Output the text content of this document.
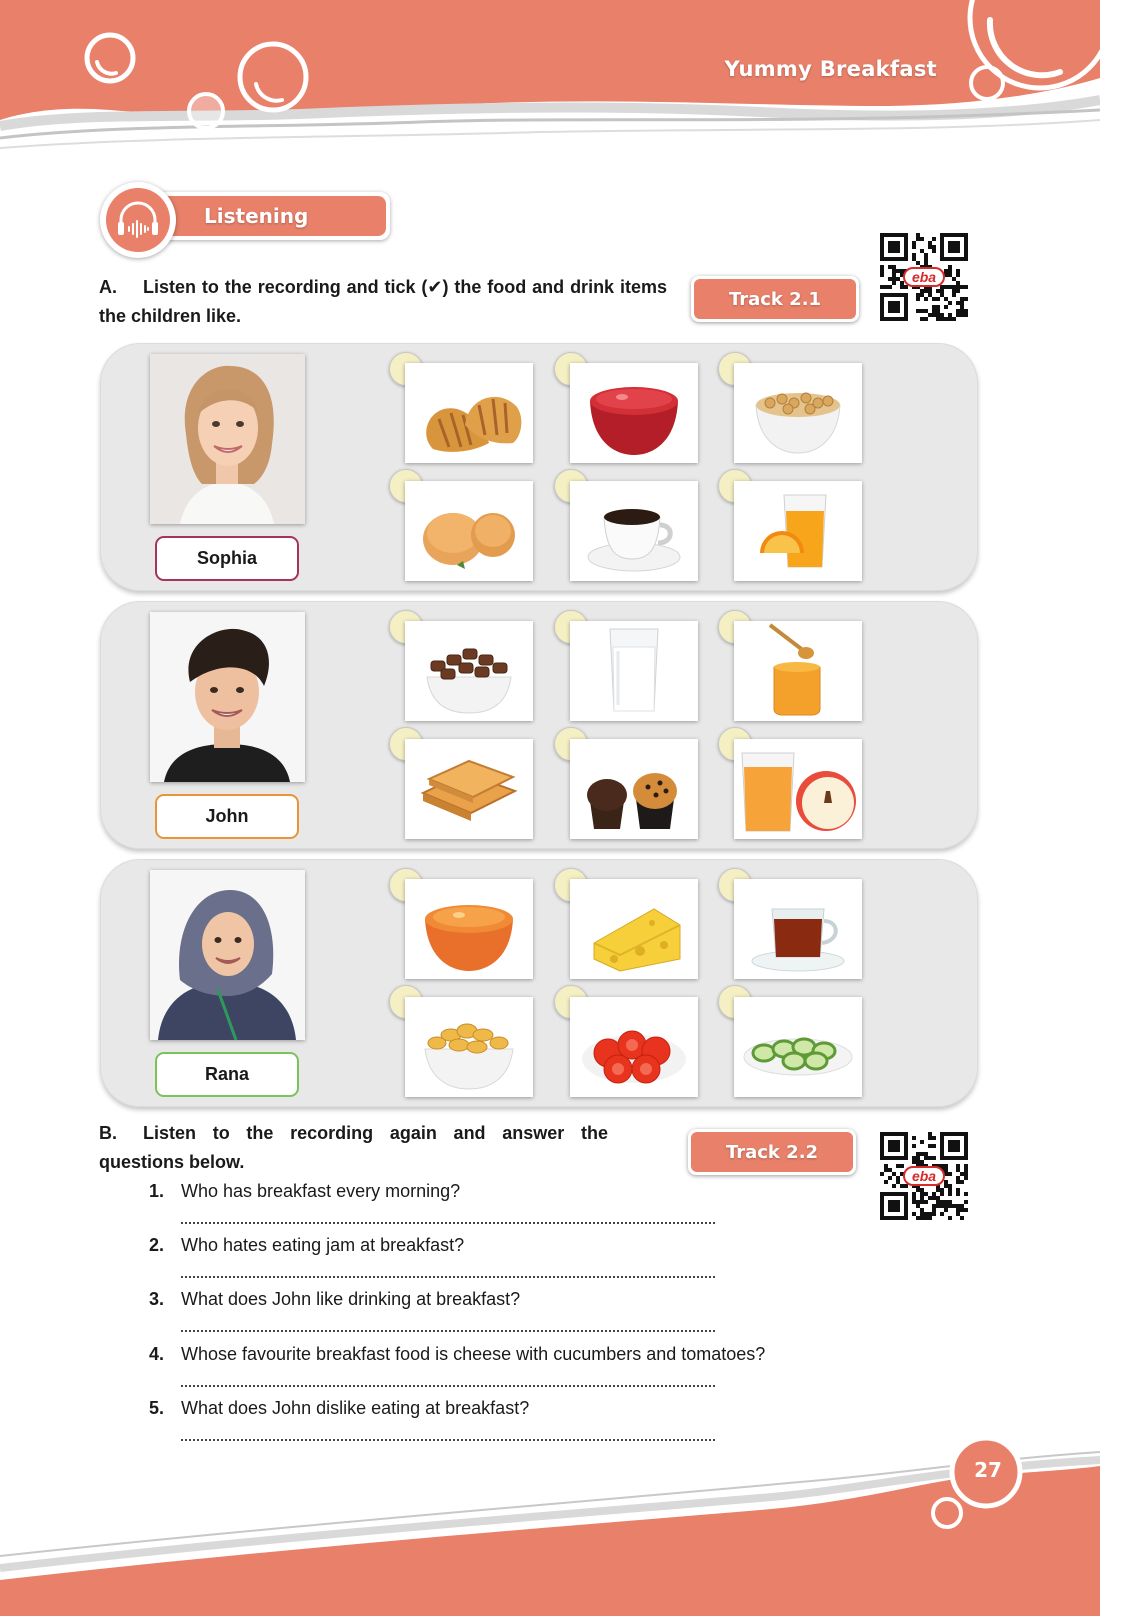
Yummy Breakfast
Listening
A. Listen to the recording and tick (✔) the food and drink items the children like.
Track 2.1
eba
Sophia
John
Rana
B. Listen to the recording again and answer the questions below.	Track 2.2
eba
1. Who has breakfast every morning?
2. Who hates eating jam at breakfast?
3. What does John like drinking at breakfast?
4. Whose favourite breakfast food is cheese with cucumbers and tomatoes?
5. What does John dislike eating at breakfast?
27
